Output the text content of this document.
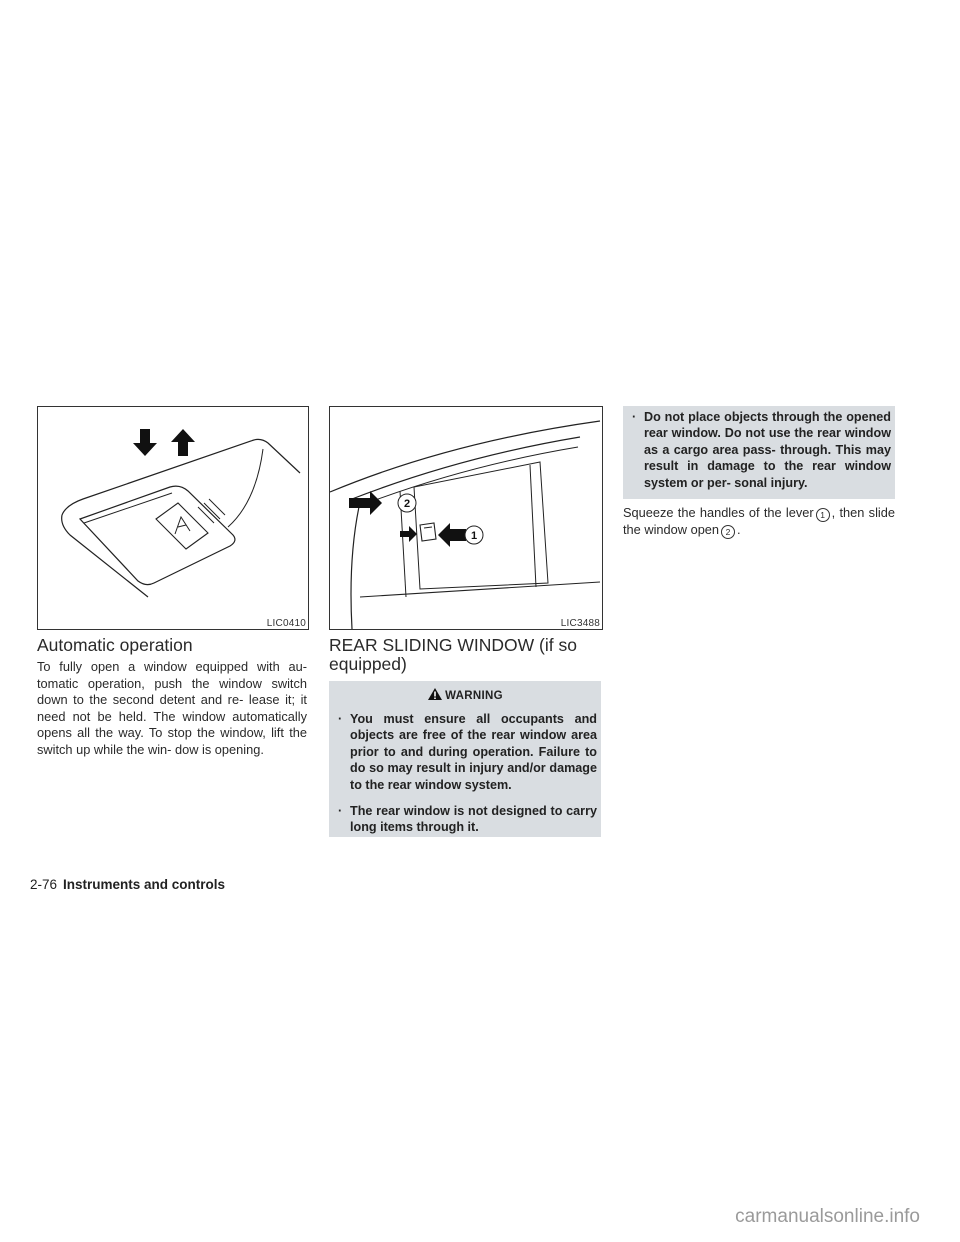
LIC0410
2
1
LIC3488
Automatic operation

To fully open a window equipped with au- tomatic operation, push the window switch down to the second detent and re- lease it; it need not be held. The window automatically opens all the way. To stop the window, lift the switch up while the win- dow is opening.

REAR SLIDING WINDOW (if so equipped)
WARNING
· You must ensure all occupants and objects are free of the rear window area prior to and during operation. Failure to do so may result in injury and/or damage to the rear window system.
· The rear window is not designed to carry long items through it.
· Do not place objects through the opened rear window. Do not use the rear window as a cargo area pass- through. This may result in damage to the rear window system or per- sonal injury.

Squeeze the handles of the lever 1 , then slide the window open 2 .

2-76 Instruments and controls
carmanualsonline.info
